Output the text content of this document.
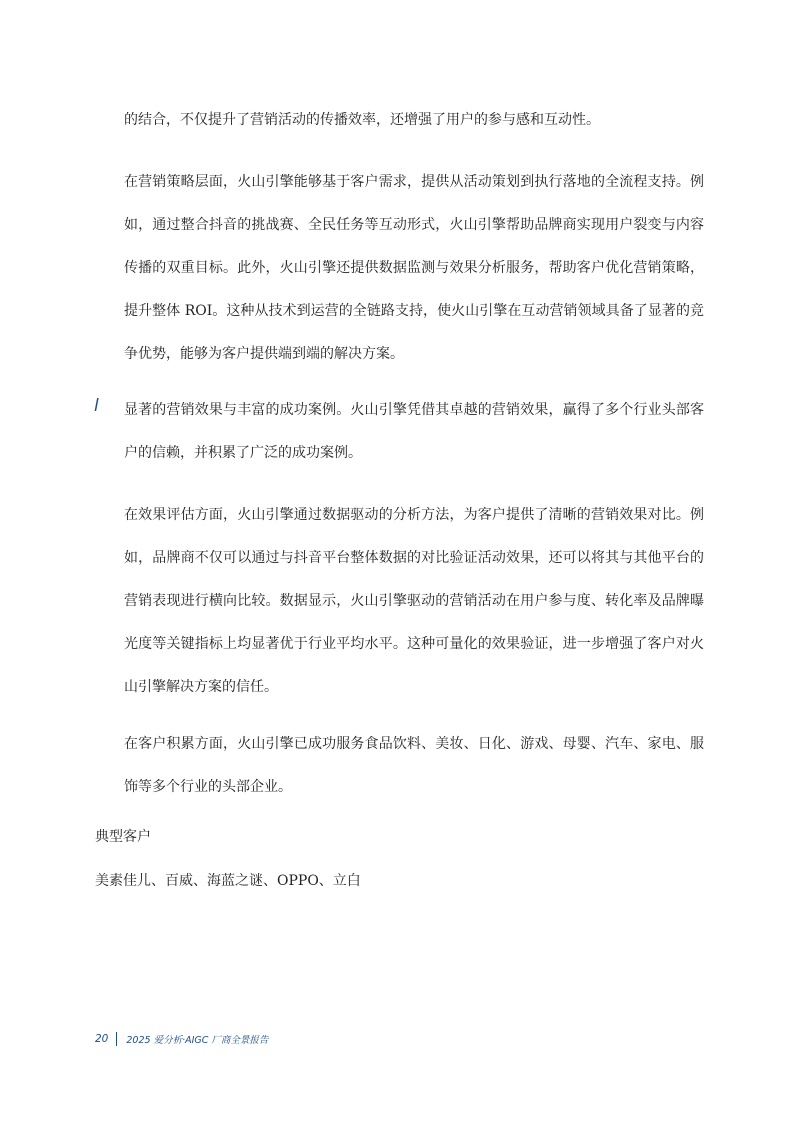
的结合，不仅提升了营销活动的传播效率，还增强了用户的参与感和互动性。

在营销策略层面，火山引擎能够基于客户需求，提供从活动策划到执行落地的全流程支持。例如，通过整合抖音的挑战赛、全民任务等互动形式，火山引擎帮助品牌商实现用户裂变与内容传播的双重目标。此外，火山引擎还提供数据监测与效果分析服务，帮助客户优化营销策略，提升整体 ROI。这种从技术到运营的全链路支持，使火山引擎在互动营销领域具备了显著的竞争优势，能够为客户提供端到端的解决方案。

l 显著的营销效果与丰富的成功案例。火山引擎凭借其卓越的营销效果，赢得了多个行业头部客户的信赖，并积累了广泛的成功案例。

在效果评估方面，火山引擎通过数据驱动的分析方法，为客户提供了清晰的营销效果对比。例如，品牌商不仅可以通过与抖音平台整体数据的对比验证活动效果，还可以将其与其他平台的营销表现进行横向比较。数据显示，火山引擎驱动的营销活动在用户参与度、转化率及品牌曝光度等关键指标上均显著优于行业平均水平。这种可量化的效果验证，进一步增强了客户对火山引擎解决方案的信任。

在客户积累方面，火山引擎已成功服务食品饮料、美妆、日化、游戏、母婴、汽车、家电、服饰等多个行业的头部企业。

典型客户

美素佳儿、百威、海蓝之谜、OPPO、立白

20 2025 爱分析·AIGC 厂商全景报告
